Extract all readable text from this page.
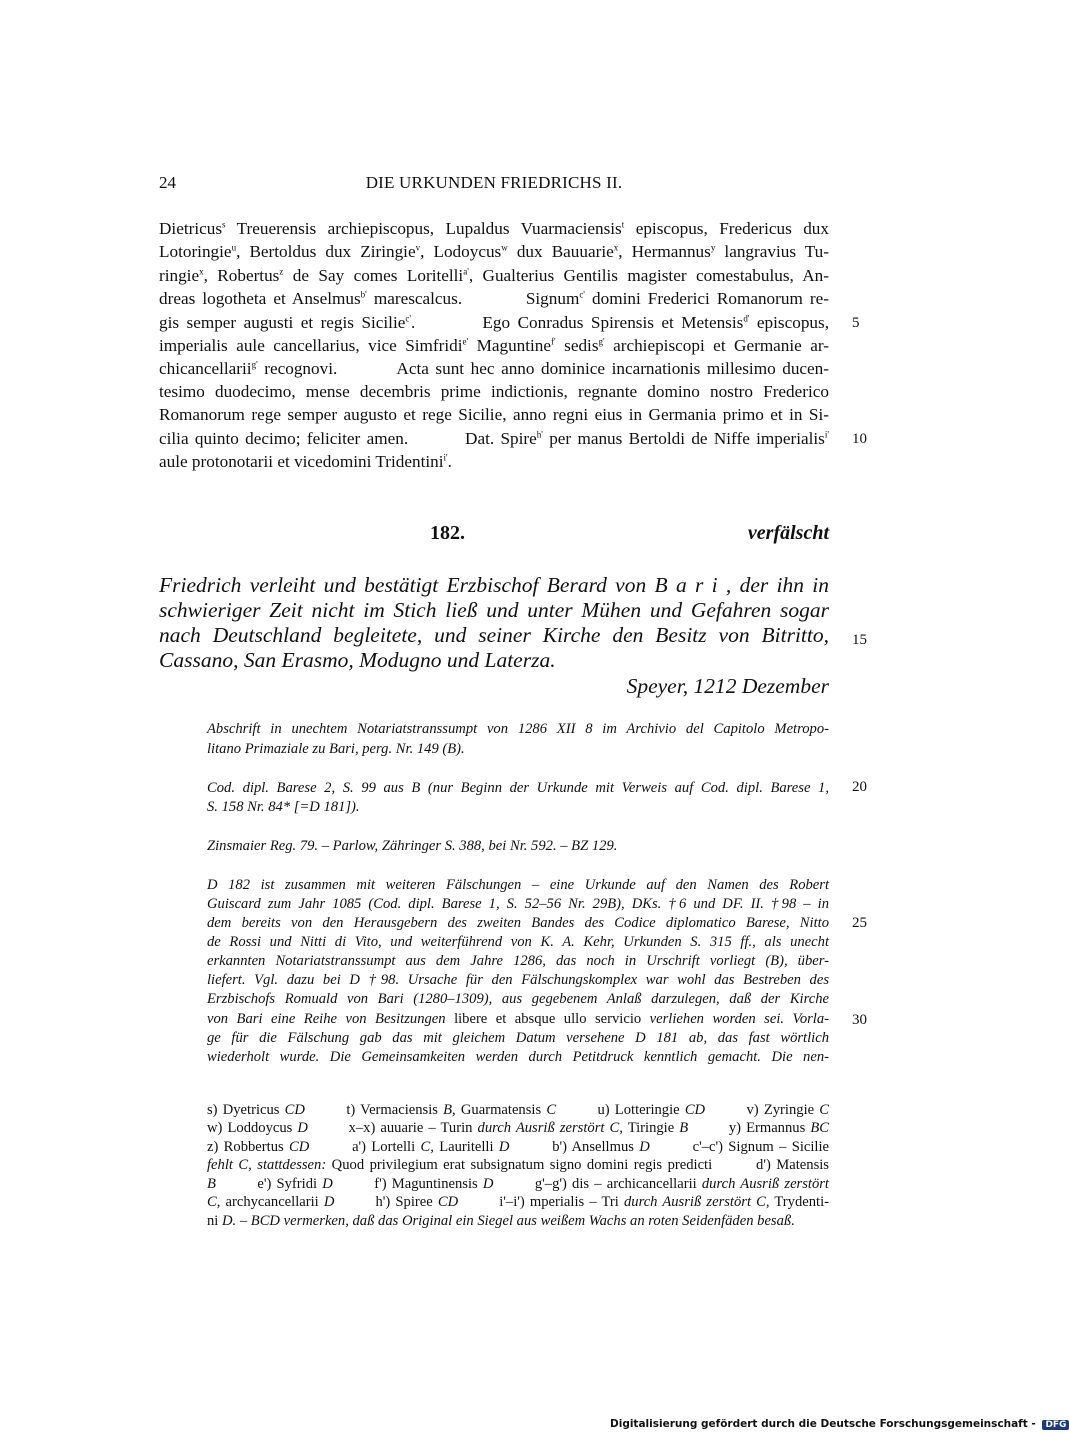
24	DIE URKUNDEN FRIEDRICHS II.
Dietricus$^s$ Treuerensis archiepiscopus, Lupaldus Vuarmaciensis$^t$ episcopus, Fredericus dux
Lotoringie$^u$, Bertoldus dux Ziringie$^v$, Lodoycus$^w$ dux Bauuarie$^x$, Hermannus$^y$ langravius Tu-
ringie$^x$, Robertus$^z$ de Say comes Loritelli$^{a'}$, Gualterius Gentilis magister comestabulus, An-
dreas logotheta et Anselmus$^{b'}$ marescalcus.         Signum$^{c'}$ domini Frederici Romanorum re-
gis semper augusti et regis Sicilie$^{c'}$.         Ego Conradus Spirensis et Metensis$^{d'}$ episcopus,
imperialis aule cancellarius, vice Simfridi$^{e'}$ Maguntine$^{f'}$ sedis$^{g'}$ archiepiscopi et Germanie ar-
chicancellarii$^{g'}$ recognovi.         Acta sunt hec anno dominice incarnationis millesimo ducen-
tesimo duodecimo, mense decembris prime indictionis, regnante domino nostro Frederico
Romanorum rege semper augusto et rege Sicilie, anno regni eius in Germania primo et in Si-
cilia quinto decimo; feliciter amen.         Dat. Spire$^{h'}$ per manus Bertoldi de Niffe imperialis$^{i'}$
aule protonotarii et vicedomini Tridentini$^{i'}$.
5
10
15
20
25
30
182.	verfälscht
Friedrich verleiht und bestätigt Erzbischof Berard von B a r i , der ihn in
schwieriger Zeit nicht im Stich ließ und unter Mühen und Gefahren sogar
nach Deutschland begleitete, und seiner Kirche den Besitz von Bitritto,
Cassano, San Erasmo, Modugno und Laterza.
Speyer, 1212 Dezember
Abschrift in unechtem Notariatstranssumpt von 1286 XII 8 im Archivio del Capitolo Metropo-
litano Primaziale zu Bari, perg. Nr. 149 (B).
Cod. dipl. Barese 2, S. 99 aus B (nur Beginn der Urkunde mit Verweis auf Cod. dipl. Barese 1,
S. 158 Nr. 84* [=D 181]).
Zinsmaier Reg. 79. – Parlow, Zähringer S. 388, bei Nr. 592. – BZ 129.
D 182 ist zusammen mit weiteren Fälschungen – eine Urkunde auf den Namen des Robert
Guiscard zum Jahr 1085 (Cod. dipl. Barese 1, S. 52–56 Nr. 29B), DKs. †6 und DF. II. †98 – in
dem bereits von den Herausgebern des zweiten Bandes des Codice diplomatico Barese, Nitto
de Rossi und Nitti di Vito, und weiterführend von K. A. Kehr, Urkunden S. 315 ff., als unecht
erkannten Notariatstranssumpt aus dem Jahre 1286, das noch in Urschrift vorliegt (B), über-
liefert. Vgl. dazu bei D †98. Ursache für den Fälschungskomplex war wohl das Bestreben des
Erzbischofs Romuald von Bari (1280–1309), aus gegebenem Anlaß darzulegen, daß der Kirche
von Bari eine Reihe von Besitzungen libere et absque ullo servicio verliehen worden sei. Vorla-
ge für die Fälschung gab das mit gleichem Datum versehene D 181 ab, das fast wörtlich
wiederholt wurde. Die Gemeinsamkeiten werden durch Petitdruck kenntlich gemacht. Die nen-
s) Dyetricus CD        t) Vermaciensis B, Guarmatensis C        u) Lotteringie CD        v) Zyringie C
w) Loddoycus D        x–x) auuarie – Turin durch Ausriß zerstört C, Tiringie B        y) Ermannus BC
z) Robbertus CD        a') Lortelli C, Lauritelli D        b') Ansellmus D        c'–c') Signum – Sicilie
fehlt C, stattdessen: Quod privilegium erat subsignatum signo domini regis predicti        d') Matensis
B        e') Syfridi D        f') Maguntinensis D        g'–g') dis – archicancellarii durch Ausriß zerstört
C, archycancellarii D        h') Spiree CD        i'–i') mperialis – Tri durch Ausriß zerstört C, Trydenti-
ni D. – BCD vermerken, daß das Original ein Siegel aus weißem Wachs an roten Seidenfäden besaß.
Digitalisierung gefördert durch die Deutsche Forschungsgemeinschaft - DFG
